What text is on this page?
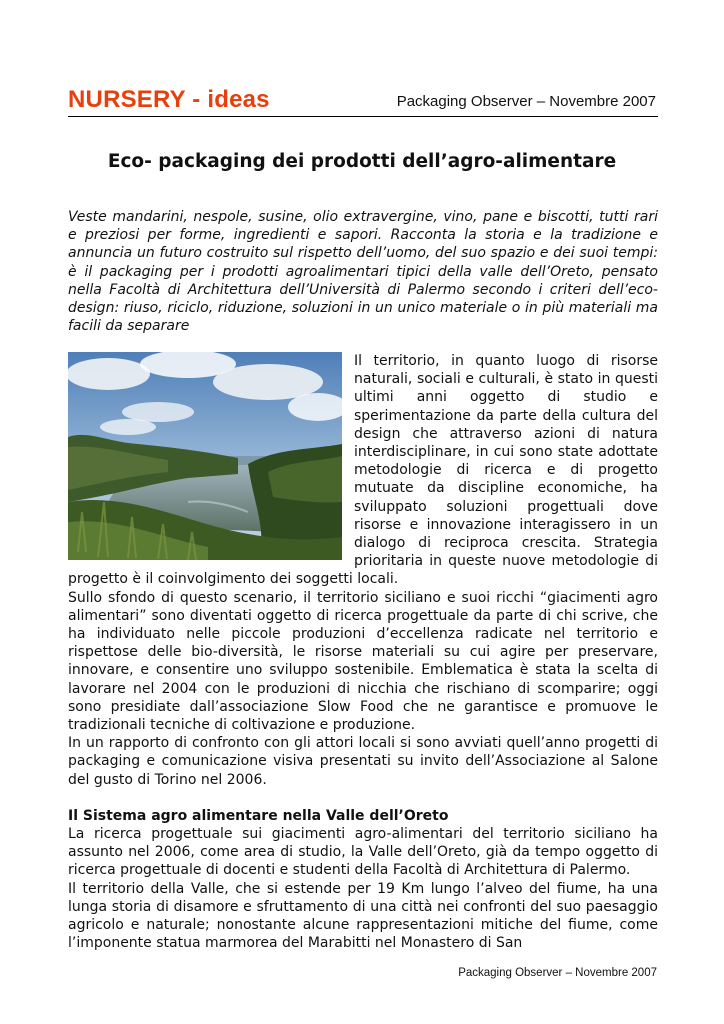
NURSERY - ideas	Packaging Observer – Novembre 2007
Eco- packaging dei prodotti dell’agro-alimentare

Veste mandarini, nespole, susine, olio extravergine, vino, pane e biscotti, tutti rari e preziosi per forme, ingredienti e sapori. Racconta la storia e la tradizione e annuncia un futuro costruito sul rispetto dell’uomo, del suo spazio e dei suoi tempi: è il packaging per i prodotti agroalimentari tipici della valle dell’Oreto, pensato nella Facoltà di Architettura dell’Università di Palermo secondo i criteri dell’eco-design: riuso, riciclo, riduzione, soluzioni in un unico materiale o in più materiali ma facili da separare

Il territorio, in quanto luogo di risorse naturali, sociali e culturali, è stato in questi ultimi anni oggetto di studio e sperimentazione da parte della cultura del design che attraverso azioni di natura interdisciplinare, in cui sono state adottate metodologie di ricerca e di progetto mutuate da discipline economiche, ha sviluppato soluzioni progettuali dove risorse e innovazione interagissero in un dialogo di reciproca crescita. Strategia prioritaria in queste nuove metodologie di progetto è il coinvolgimento dei soggetti locali.

Sullo sfondo di questo scenario, il territorio siciliano e suoi ricchi “giacimenti agro alimentari” sono diventati oggetto di ricerca progettuale da parte di chi scrive, che ha individuato nelle piccole produzioni d’eccellenza radicate nel territorio e rispettose delle bio-diversità, le risorse materiali su cui agire per preservare, innovare, e consentire uno sviluppo sostenibile. Emblematica è stata la scelta di lavorare nel 2004 con le produzioni di nicchia che rischiano di scomparire; oggi sono presidiate dall’associazione Slow Food che ne garantisce e promuove le tradizionali tecniche di coltivazione e produzione.

In un rapporto di confronto con gli attori locali si sono avviati quell’anno progetti di packaging e comunicazione visiva presentati su invito dell’Associazione al Salone del gusto di Torino nel 2006.

Il Sistema agro alimentare nella Valle dell’Oreto

La ricerca progettuale sui giacimenti agro-alimentari del territorio siciliano ha assunto nel 2006, come area di studio, la Valle dell’Oreto, già da tempo oggetto di ricerca progettuale di docenti e studenti della Facoltà di Architettura di Palermo.

Il territorio della Valle, che si estende per 19 Km lungo l’alveo del fiume, ha una lunga storia di disamore e sfruttamento di una città nei confronti del suo paesaggio agricolo e naturale; nonostante alcune rappresentazioni mitiche del fiume, come l’imponente statua marmorea del Marabitti nel Monastero di San

Packaging Observer – Novembre 2007
